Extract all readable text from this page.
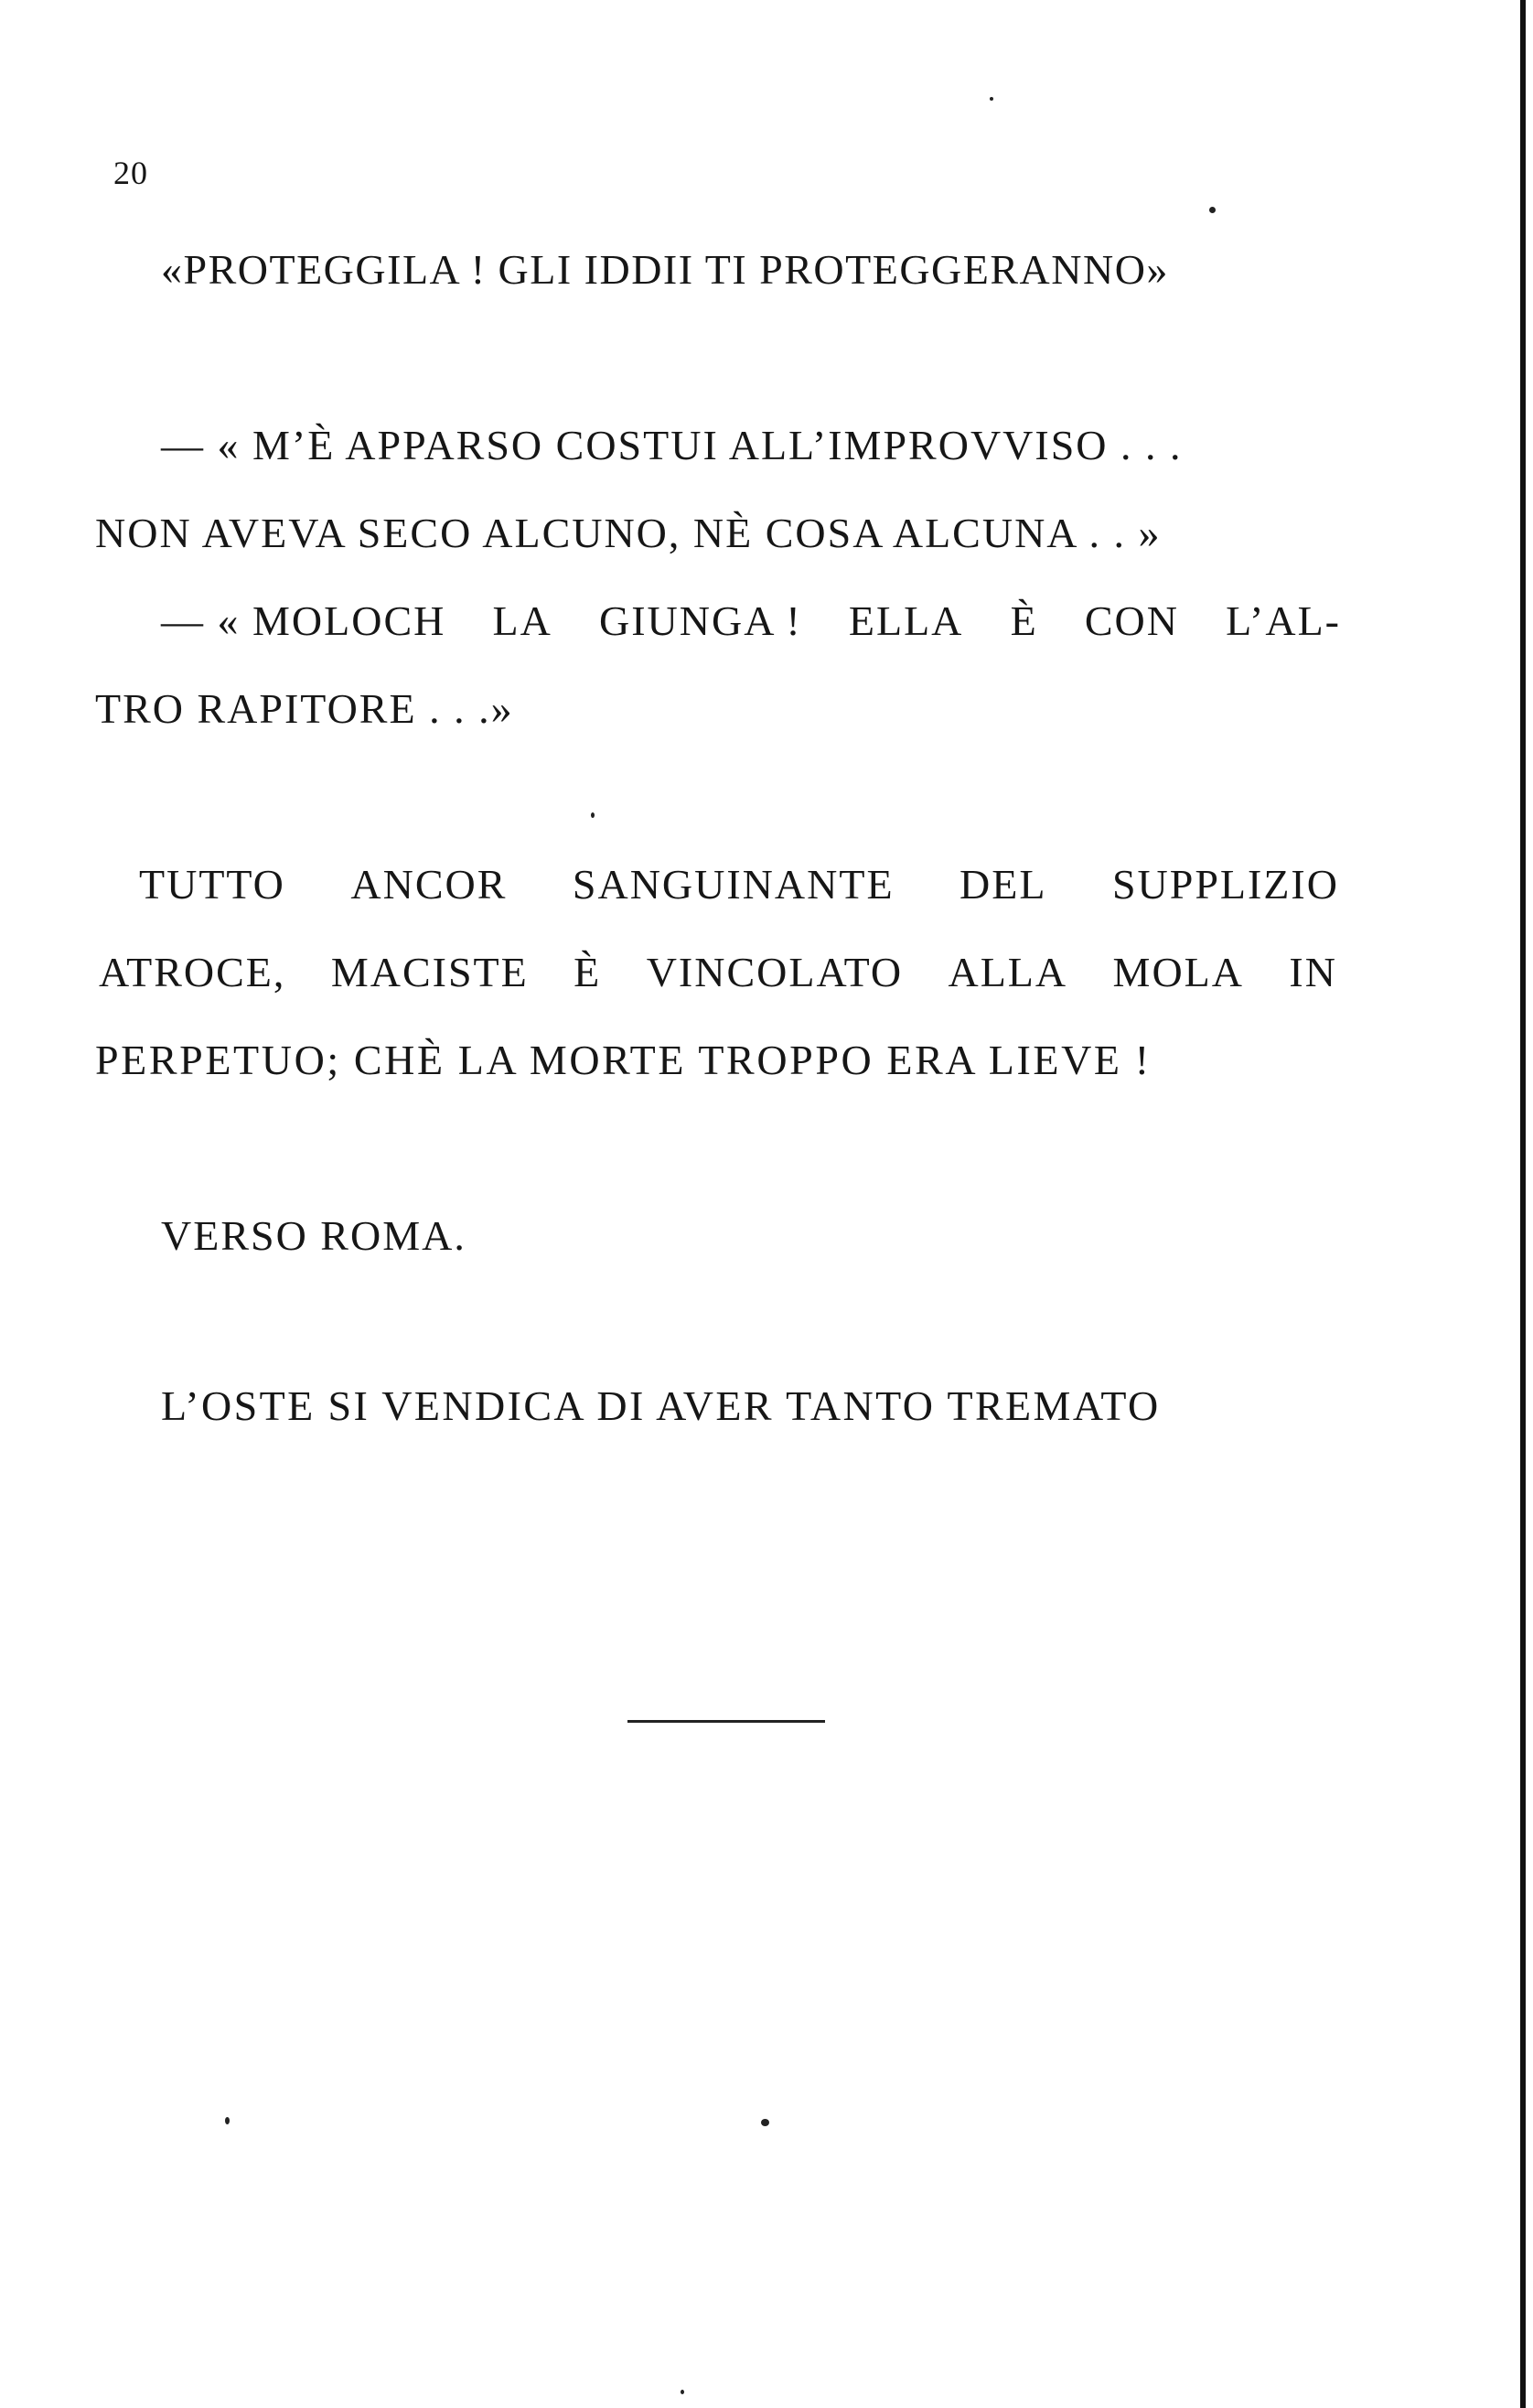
20
«PROTEGGILA ! GLI IDDII TI PROTEGGERANNO»
— « M’È APPARSO COSTUI ALL’IMPROVVISO . . .
NON AVEVA SECO ALCUNO, NÈ COSA ALCUNA . . »
— « MOLOCH LA GIUNGA ! ELLA È CON L’AL-
TRO RAPITORE . . .»
TUTTO ANCOR SANGUINANTE DEL SUPPLIZIO
ATROCE, MACISTE È VINCOLATO ALLA MOLA IN
PERPETUO; CHÈ LA MORTE TROPPO ERA LIEVE !
VERSO ROMA.
L’OSTE SI VENDICA DI AVER TANTO TREMATO
